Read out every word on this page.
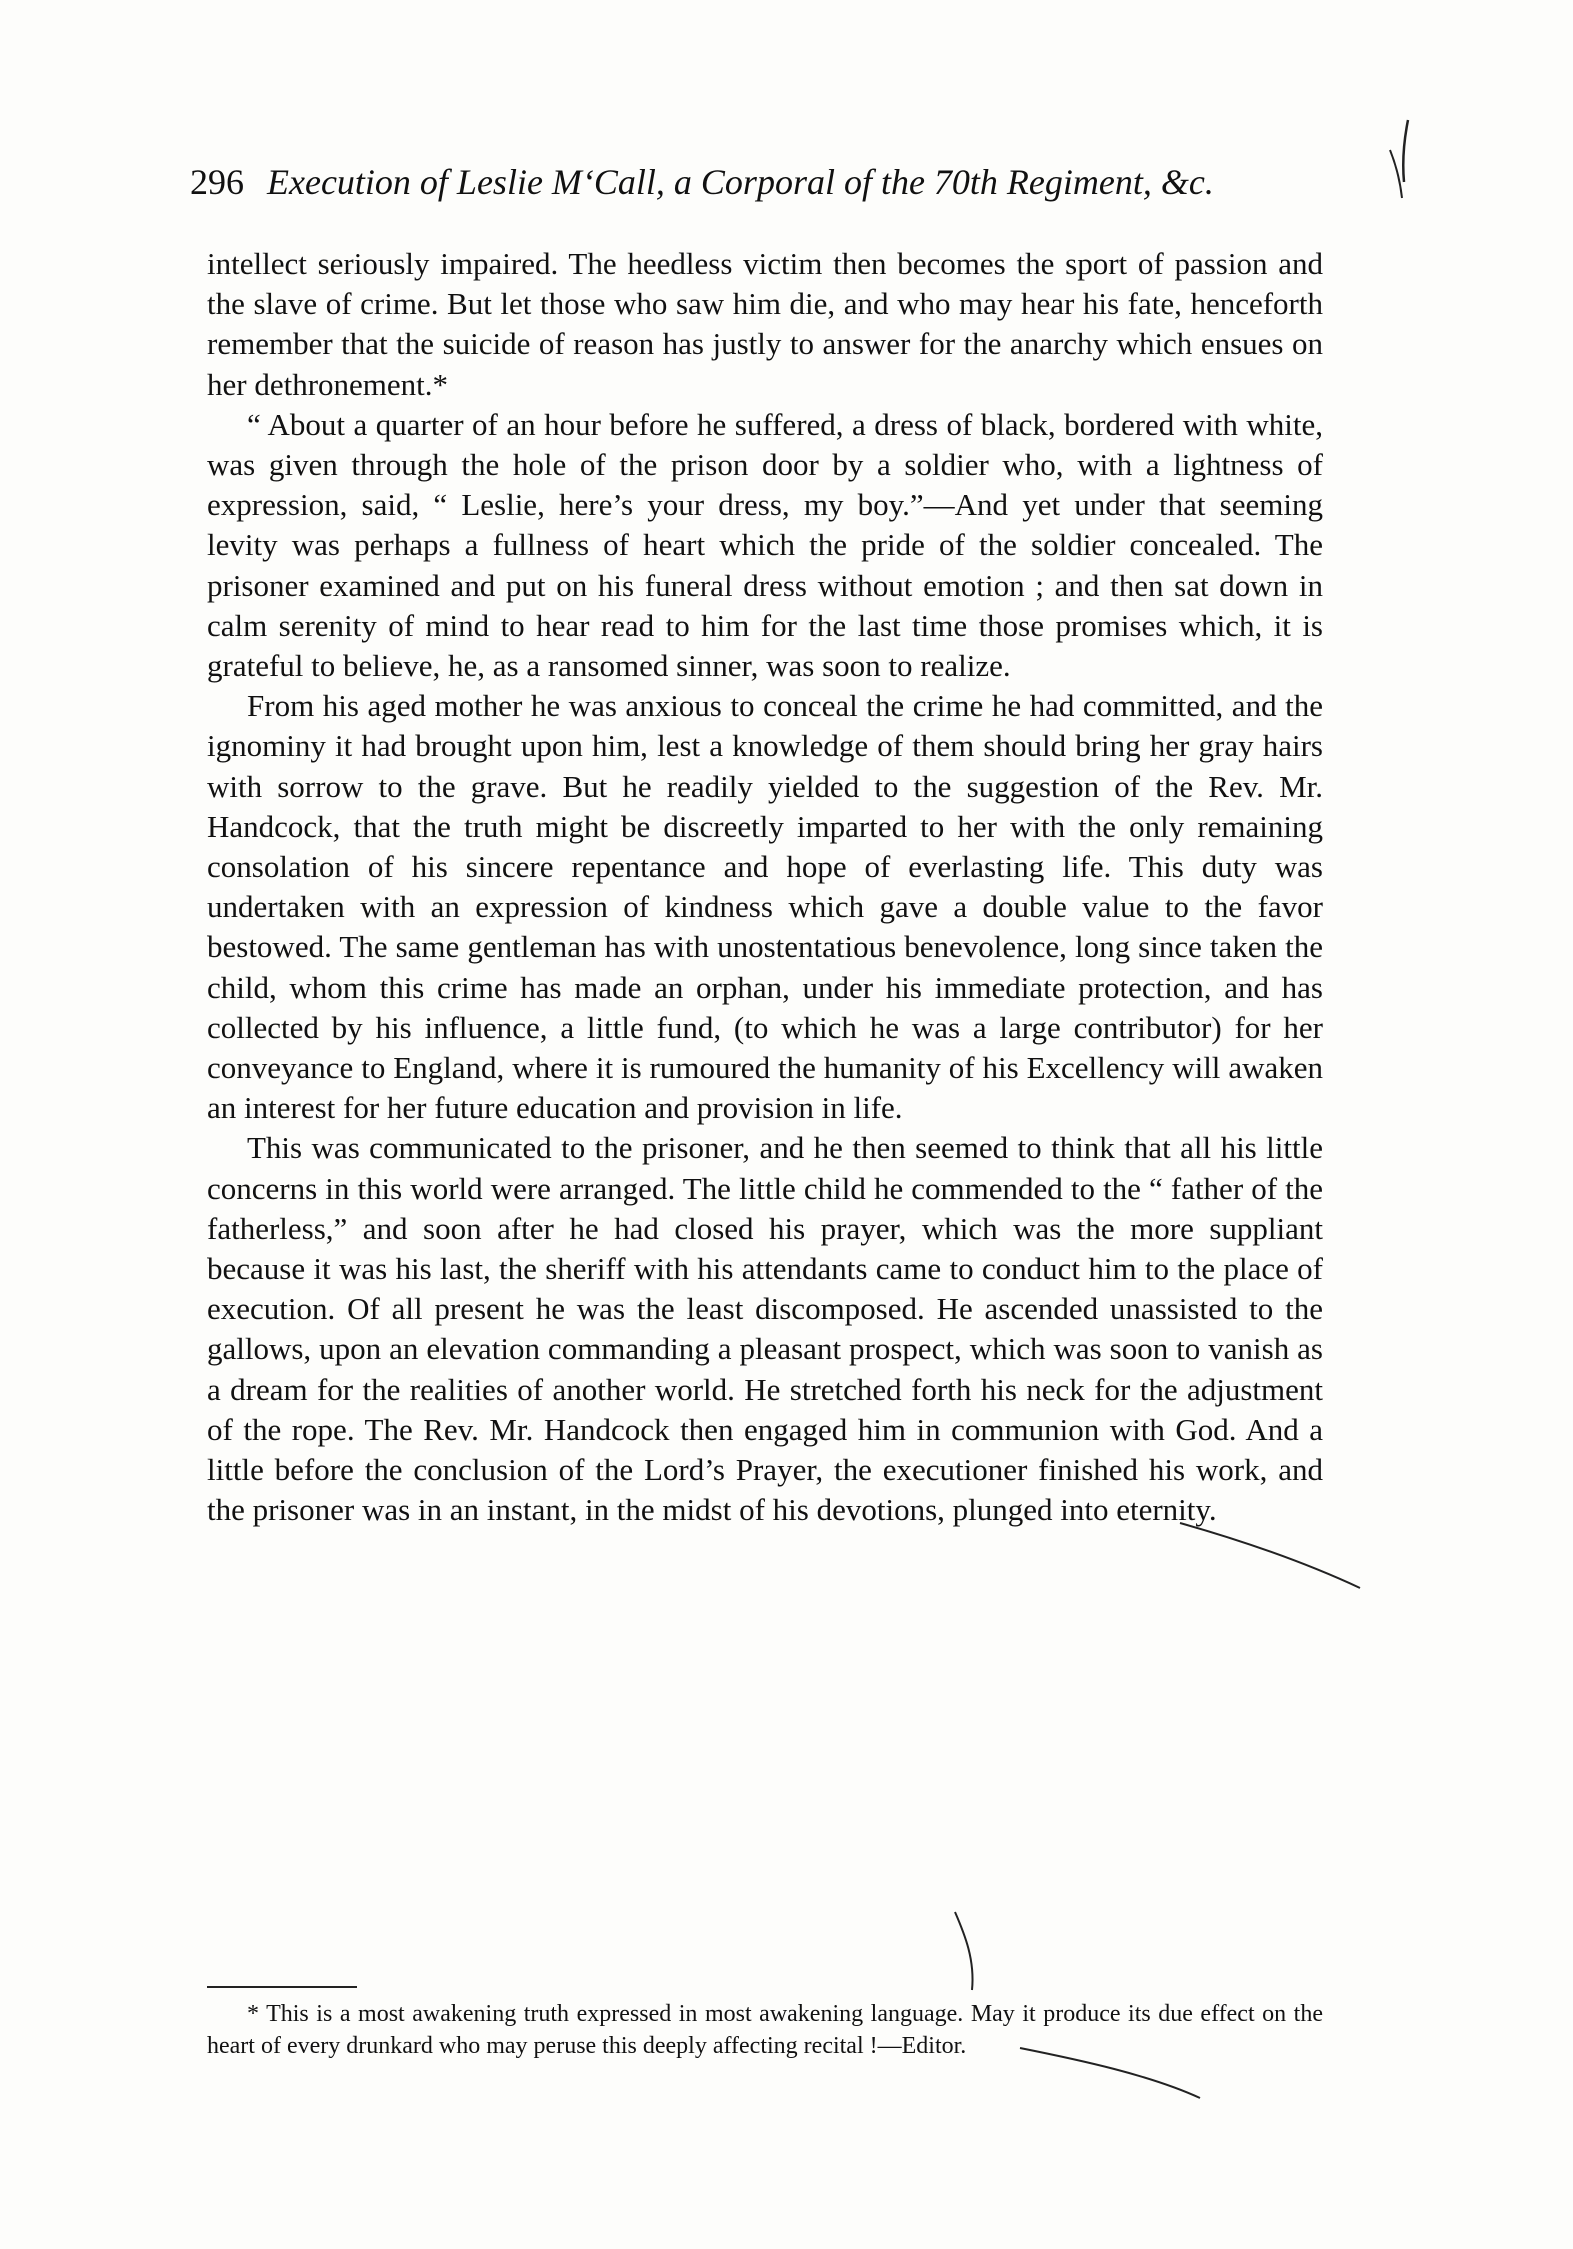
296 Execution of Leslie M‘Call, a Corporal of the 70th Regiment, &c.

intellect seriously impaired. The heedless victim then becomes the sport of passion and the slave of crime. But let those who saw him die, and who may hear his fate, henceforth remember that the suicide of reason has justly to answer for the anarchy which ensues on her dethronement.*

“ About a quarter of an hour before he suffered, a dress of black, bordered with white, was given through the hole of the prison door by a soldier who, with a lightness of expression, said, “ Leslie, here’s your dress, my boy.”—And yet under that seeming levity was perhaps a fullness of heart which the pride of the soldier concealed. The prisoner examined and put on his funeral dress without emotion ; and then sat down in calm serenity of mind to hear read to him for the last time those promises which, it is grateful to believe, he, as a ransomed sinner, was soon to realize.

From his aged mother he was anxious to conceal the crime he had committed, and the ignominy it had brought upon him, lest a knowledge of them should bring her gray hairs with sorrow to the grave. But he readily yielded to the suggestion of the Rev. Mr. Handcock, that the truth might be discreetly imparted to her with the only remaining consolation of his sincere repentance and hope of everlasting life. This duty was undertaken with an expression of kindness which gave a double value to the favor bestowed. The same gentleman has with unostentatious benevolence, long since taken the child, whom this crime has made an orphan, under his immediate protection, and has collected by his influence, a little fund, (to which he was a large contributor) for her conveyance to England, where it is rumoured the humanity of his Excellency will awaken an interest for her future education and provision in life.

This was communicated to the prisoner, and he then seemed to think that all his little concerns in this world were arranged. The little child he commended to the “ father of the fatherless,” and soon after he had closed his prayer, which was the more suppliant because it was his last, the sheriff with his attendants came to conduct him to the place of execution. Of all present he was the least discomposed. He ascended unassisted to the gallows, upon an elevation commanding a pleasant prospect, which was soon to vanish as a dream for the realities of another world. He stretched forth his neck for the adjustment of the rope. The Rev. Mr. Handcock then engaged him in communion with God. And a little before the conclusion of the Lord’s Prayer, the executioner finished his work, and the prisoner was in an instant, in the midst of his devotions, plunged into eternity.

* This is a most awakening truth expressed in most awakening language. May it produce its due effect on the heart of every drunkard who may peruse this deeply affecting recital !—Editor.
